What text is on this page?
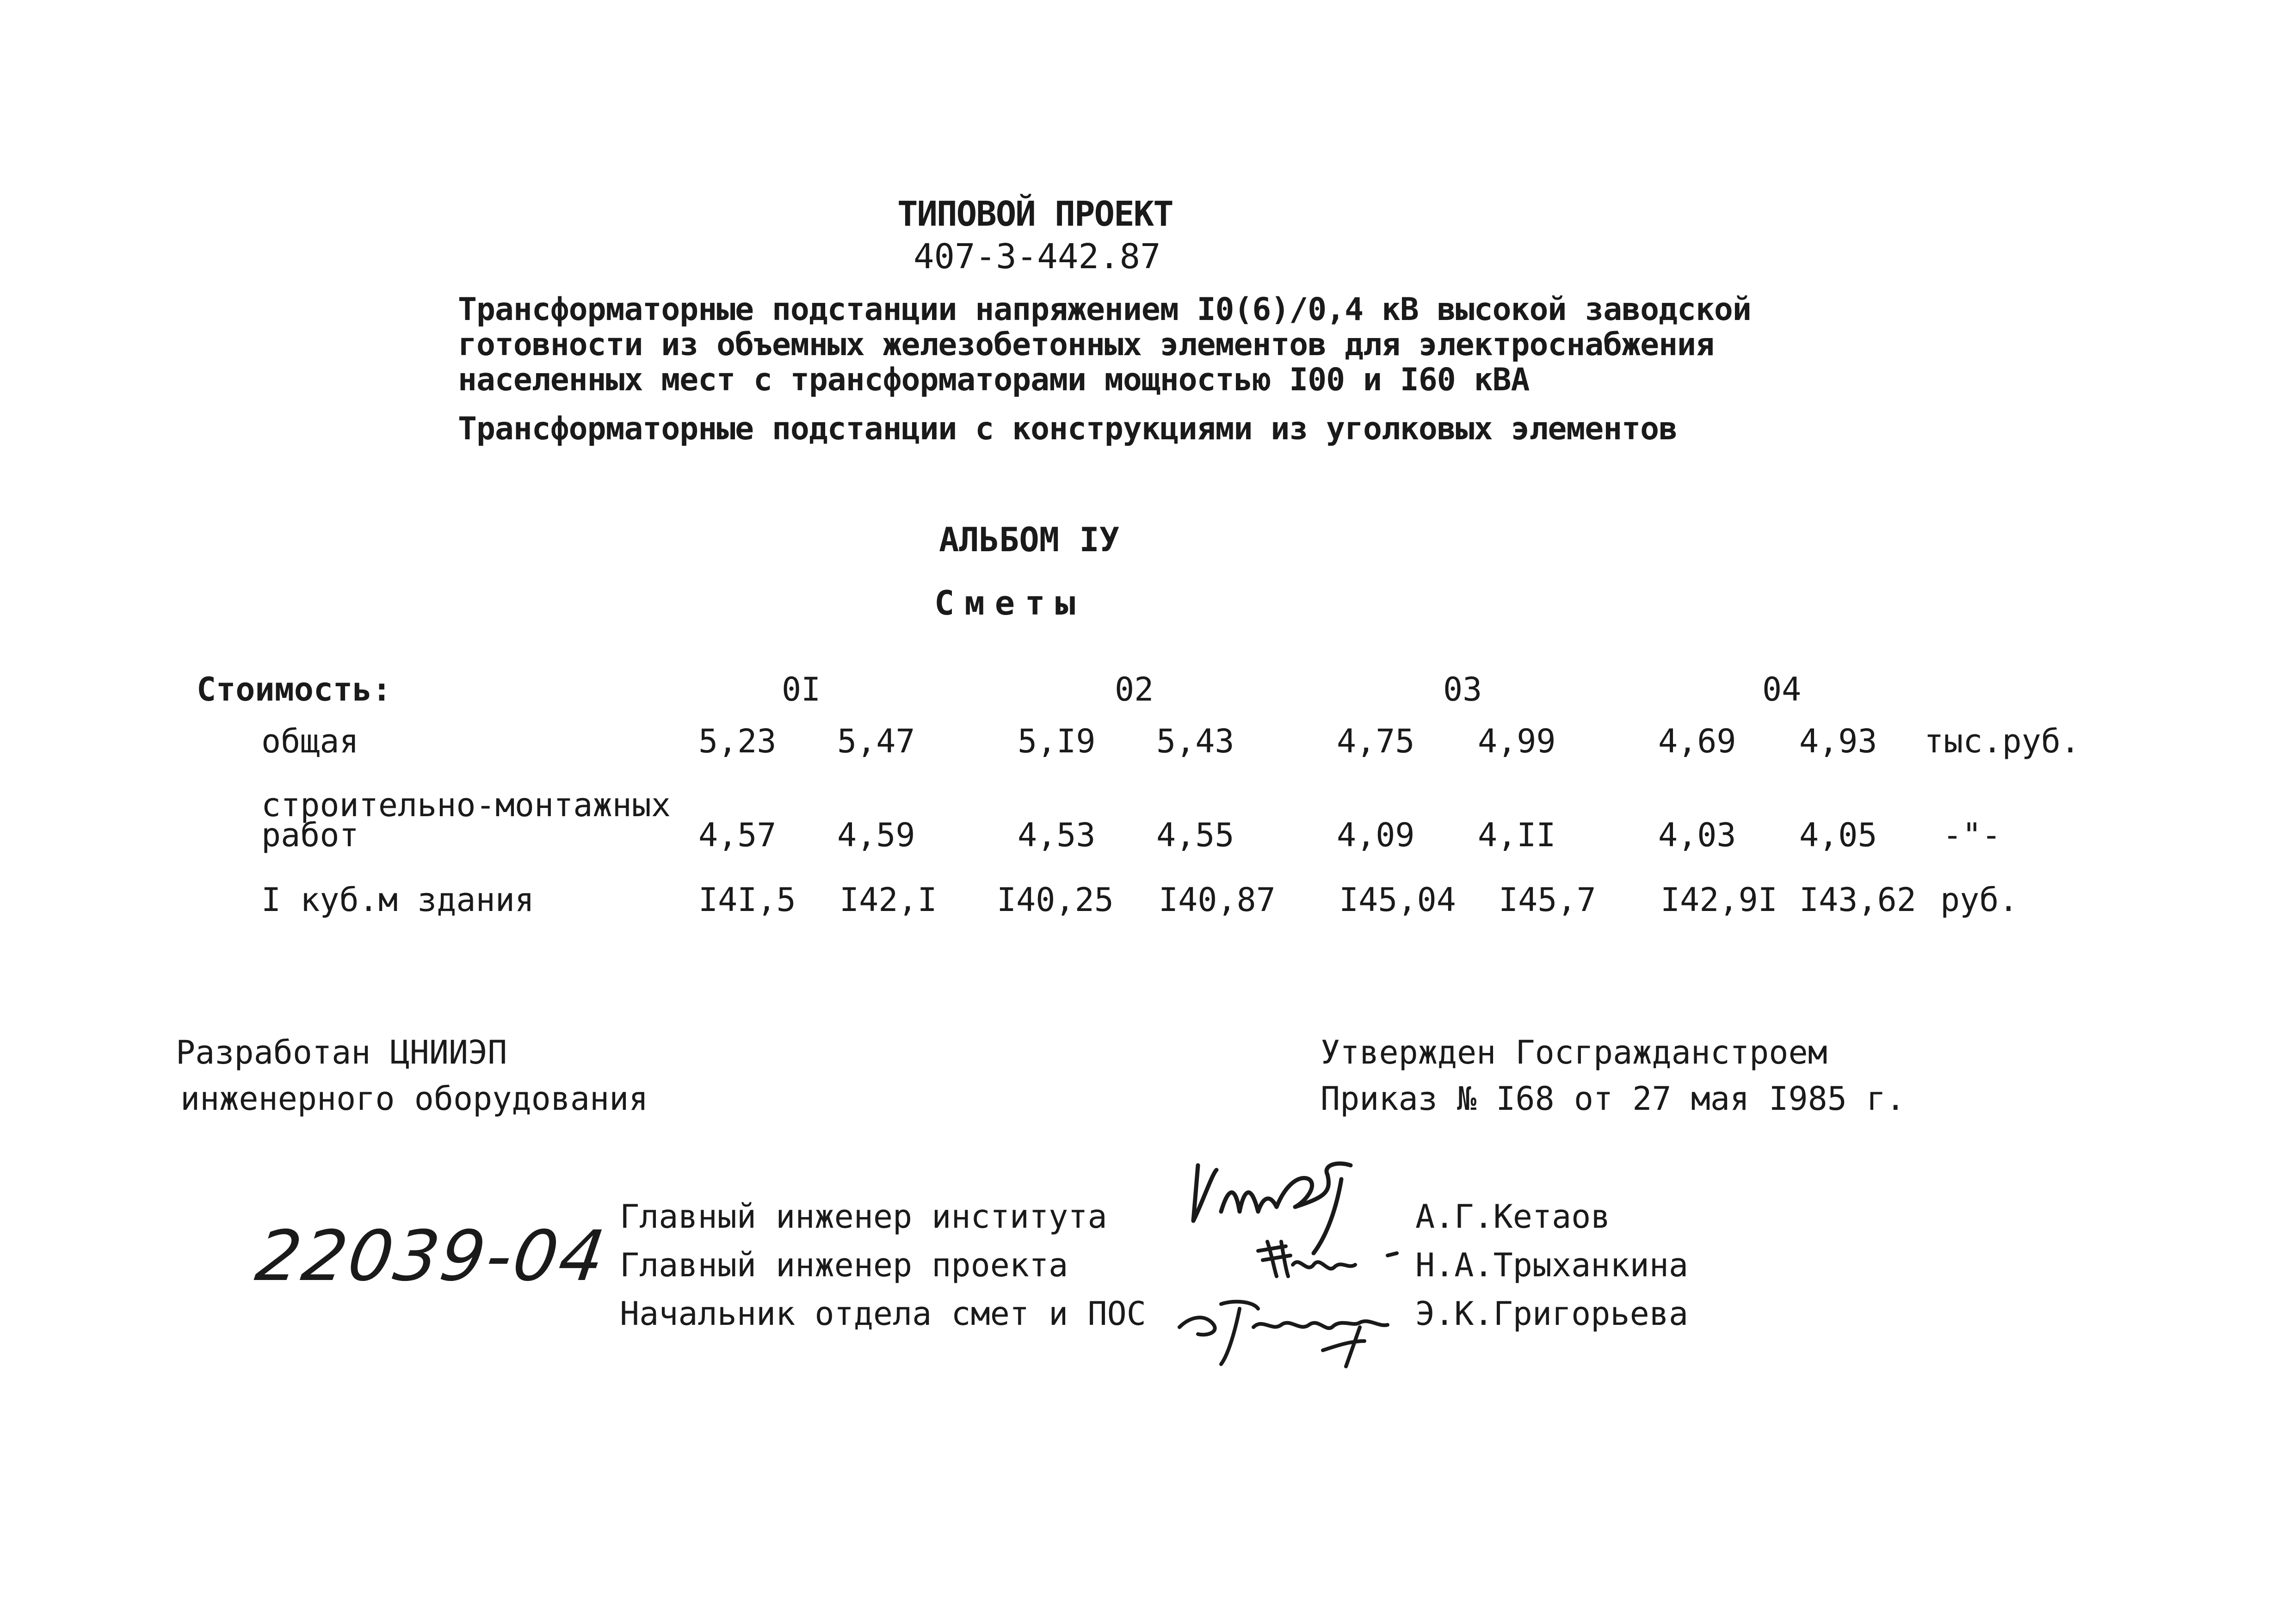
ТИПОВОЙ ПРОЕКТ
407-3-442.87
Трансформаторные подстанции напряжением I0(6)/0,4 кВ высокой заводской
готовности из объемных железобетонных элементов для электроснабжения
населенных мест с трансформаторами мощностью I00 и I60 кВА
Трансформаторные подстанции с конструкциями из уголковых элементов
АЛЬБОМ IУ
Сметы
Стоимость:	0I	02	03	04
общая	5,23 5,47	5,I9 5,43	4,75 4,99	4,69 4,93 тыс.руб.
строительно-монтажных
работ	4,57 4,59	4,53 4,55	4,09 4,II	4,03 4,05 -"-
I куб.м здания	I4I,5 I42,I I40,25 I40,87 I45,04 I45,7 I42,9I I43,62 руб.
Разработан ЦНИИЭП
инженерного оборудования
Утвержден Госгражданстроем
Приказ № I68 от 27 мая I985 г.
22039-04 Главный инженер института
Главный инженер проекта
Начальник отдела смет и ПОС
А.Г.Кетаов
Н.А.Трыханкина
Э.К.Григорьева
